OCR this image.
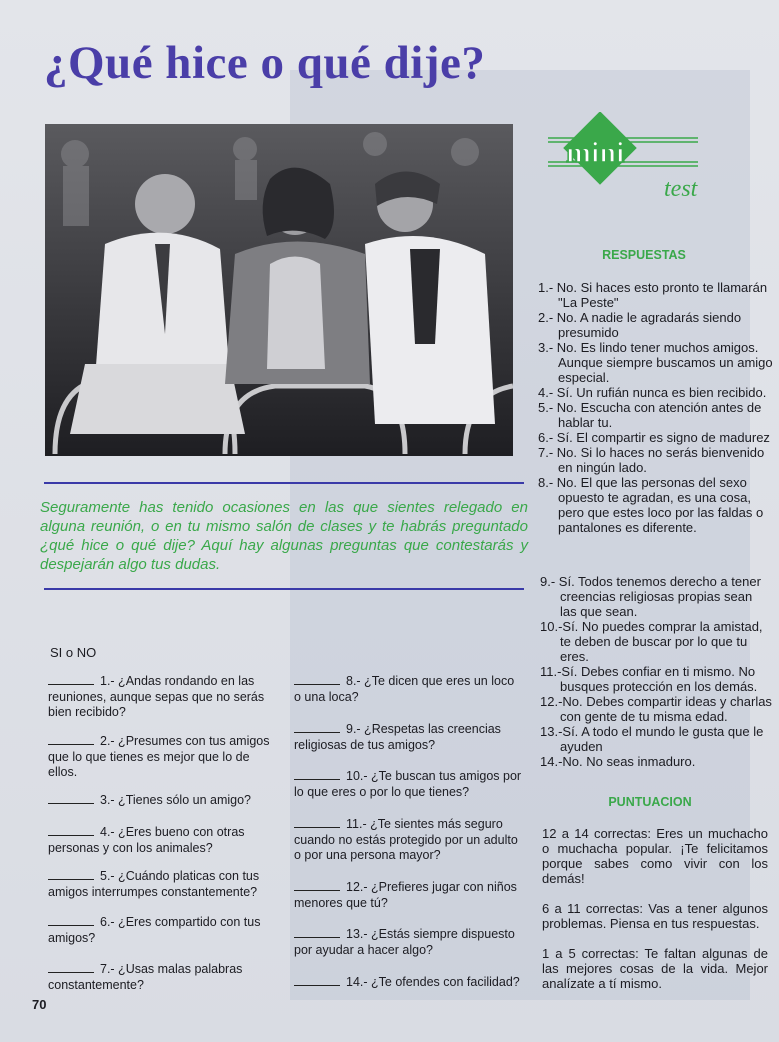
¿Qué hice o qué dije?
mini
test

Seguramente has tenido ocasiones en las que sientes relegado en alguna reunión, o en tu mismo salón de clases y te habrás preguntado ¿qué hice o qué dije? Aquí hay algunas preguntas que contestarás y despejarán algo tus dudas.

SI o NO
1.- ¿Andas rondando en las reuniones, aunque sepas que no serás bien recibido?
2.- ¿Presumes con tus amigos que lo que tienes es mejor que lo de ellos.
3.- ¿Tienes sólo un amigo?
4.- ¿Eres bueno con otras personas y con los animales?
5.- ¿Cuándo platicas con tus amigos interrumpes constantemente?
6.- ¿Eres compartido con tus amigos?
7.- ¿Usas malas palabras constantemente?
8.- ¿Te dicen que eres un loco o una loca?
9.- ¿Respetas las creencias religiosas de tus amigos?
10.- ¿Te buscan tus amigos por lo que eres o por lo que tienes?
11.- ¿Te sientes más seguro cuando no estás protegido por un adulto o por una persona mayor?
12.- ¿Prefieres jugar con niños menores que tú?
13.- ¿Estás siempre dispuesto por ayudar a hacer algo?
14.- ¿Te ofendes con facilidad?
RESPUESTAS
1.- No. Si haces esto pronto te llamarán "La Peste"
2.- No. A nadie le agradarás siendo presumido
3.- No. Es lindo tener muchos amigos. Aunque siempre buscamos un amigo especial.
4.- Sí. Un rufián nunca es bien recibido.
5.- No. Escucha con atención antes de hablar tu.
6.- Sí. El compartir es signo de madurez
7.- No. Si lo haces no serás bienvenido en ningún lado.
8.- No. El que las personas del sexo opuesto te agradan, es una cosa, pero que estes loco por las faldas o pantalones es diferente.
9.- Sí. Todos tenemos derecho a tener creencias religiosas propias sean las que sean.
10.-Sí. No puedes comprar la amistad, te deben de buscar por lo que tu eres.
11.-Sí. Debes confiar en ti mismo. No busques protección en los demás.
12.-No. Debes compartir ideas y charlas con gente de tu misma edad.
13.-Sí. A todo el mundo le gusta que le ayuden
14.-No. No seas inmaduro.
PUNTUACION

12 a 14 correctas: Eres un muchacho o muchacha popular. ¡Te felicitamos porque sabes como vivir con los demás!

6 a 11 correctas: Vas a tener algunos problemas. Piensa en tus respuestas.

1 a 5 correctas: Te faltan algunas de las mejores cosas de la vida. Mejor analízate a tí mismo.

70
